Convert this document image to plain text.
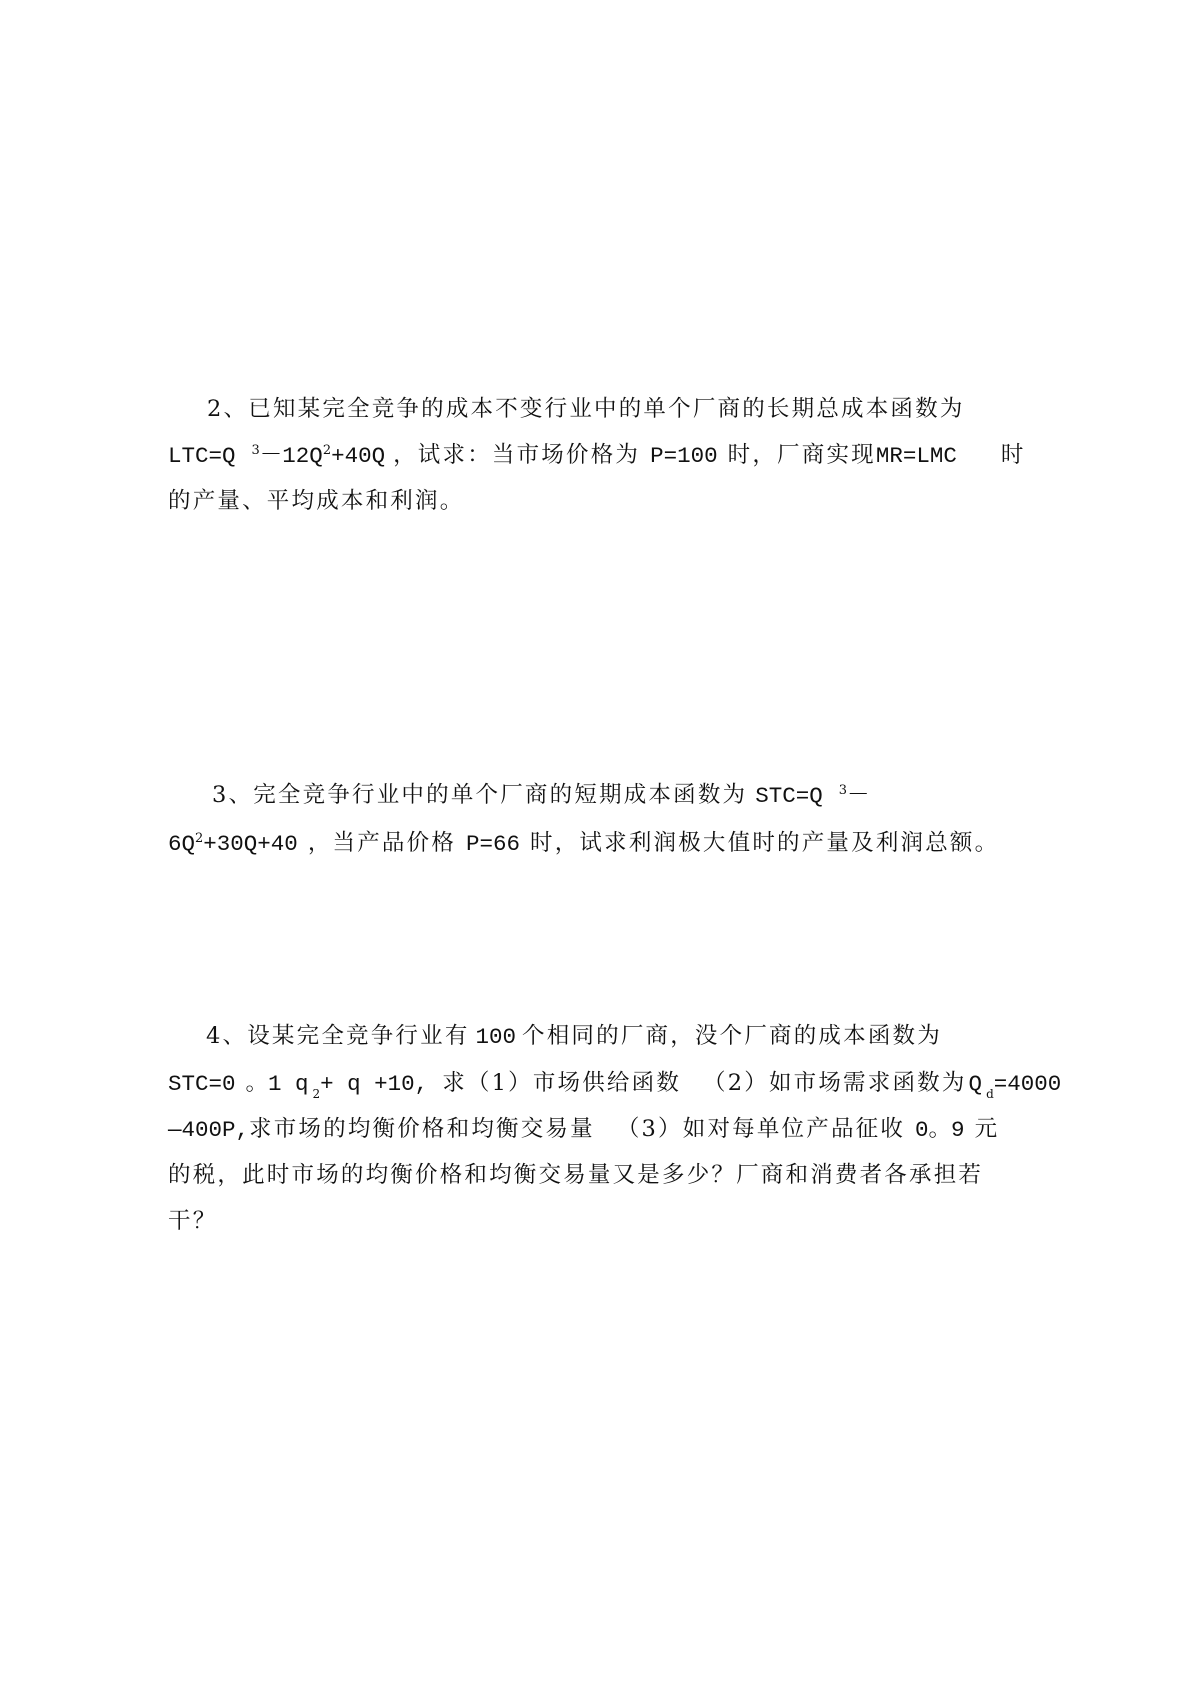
2、已知某完全竞争的成本不变行业中的单个厂商的长期总成本函数为
LTC=Q $^3-12Q^2+40Q$ ，试求：当市场价格为 P=100 时，厂商实现MR=LMC 时
的产量、平均成本和利润。
3、完全竞争行业中的单个厂商的短期成本函数为 STC=Q $^3$－
$6Q^2+30Q+40$ ，当产品价格 P=66 时，试求利润极大值时的产量及利润总额。
4、设某完全竞争行业有 100 个相同的厂商，没个厂商的成本函数为
STC=0 。1 q $_2$+ q +10, 求（1）市场供给函数 （2）如市场需求函数为Q $_d$=4000
—400P,求市场的均衡价格和均衡交易量 （3）如对每单位产品征收 0。9 元
的税，此时市场的均衡价格和均衡交易量又是多少？厂商和消费者各承担若
干？
